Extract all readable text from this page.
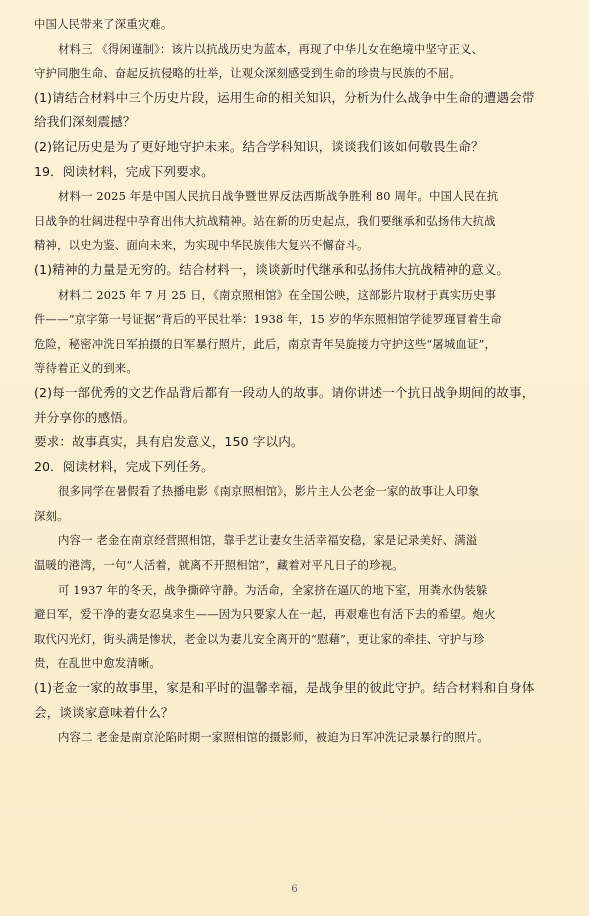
中国人民带来了深重灾难。
材料三 《得闲谨制》：该片以抗战历史为蓝本，再现了中华儿女在绝境中坚守正义、
守护同胞生命、奋起反抗侵略的壮举，让观众深刻感受到生命的珍贵与民族的不屈。
(1)请结合材料中三个历史片段，运用生命的相关知识，分析为什么战争中生命的遭遇会带
给我们深刻震撼？
(2)铭记历史是为了更好地守护未来。结合学科知识，谈谈我们该如何敬畏生命？
19．阅读材料，完成下列要求。
材料一 2025 年是中国人民抗日战争暨世界反法西斯战争胜利 80 周年。中国人民在抗
日战争的壮阔进程中孕育出伟大抗战精神。站在新的历史起点，我们要继承和弘扬伟大抗战
精神，以史为鉴、面向未来，为实现中华民族伟大复兴不懈奋斗。
(1)精神的力量是无穷的。结合材料一，谈谈新时代继承和弘扬伟大抗战精神的意义。
材料二 2025 年 7 月 25 日，《南京照相馆》在全国公映，这部影片取材于真实历史事
件——“京字第一号证据”背后的平民壮举：1938 年，15 岁的华东照相馆学徒罗瑾冒着生命
危险，秘密冲洗日军拍摄的日军暴行照片，此后，南京青年吴旋接力守护这些“屠城血证”，
等待着正义的到来。
(2)每一部优秀的文艺作品背后都有一段动人的故事。请你讲述一个抗日战争期间的故事，
并分享你的感悟。
要求：故事真实，具有启发意义，150 字以内。
20．阅读材料，完成下列任务。
很多同学在暑假看了热播电影《南京照相馆》，影片主人公老金一家的故事让人印象
深刻。
内容一 老金在南京经营照相馆，靠手艺让妻女生活幸福安稳，家是记录美好、满溢
温暖的港湾，一句“人活着，就离不开照相馆”，藏着对平凡日子的珍视。
可 1937 年的冬天，战争撕碎守静。为活命，全家挤在逼仄的地下室，用粪水伪装躲
避日军，爱干净的妻女忍臭求生——因为只要家人在一起，再艰难也有活下去的希望。炮火
取代闪光灯，街头满是惨状，老金以为妻儿安全离开的“慰藉”，更让家的牵挂、守护与珍
贵，在乱世中愈发清晰。
(1)老金一家的故事里，家是和平时的温馨幸福，是战争里的彼此守护。结合材料和自身体
会，谈谈家意味着什么？
内容二 老金是南京沦陷时期一家照相馆的摄影师，被迫为日军冲洗记录暴行的照片。
6
